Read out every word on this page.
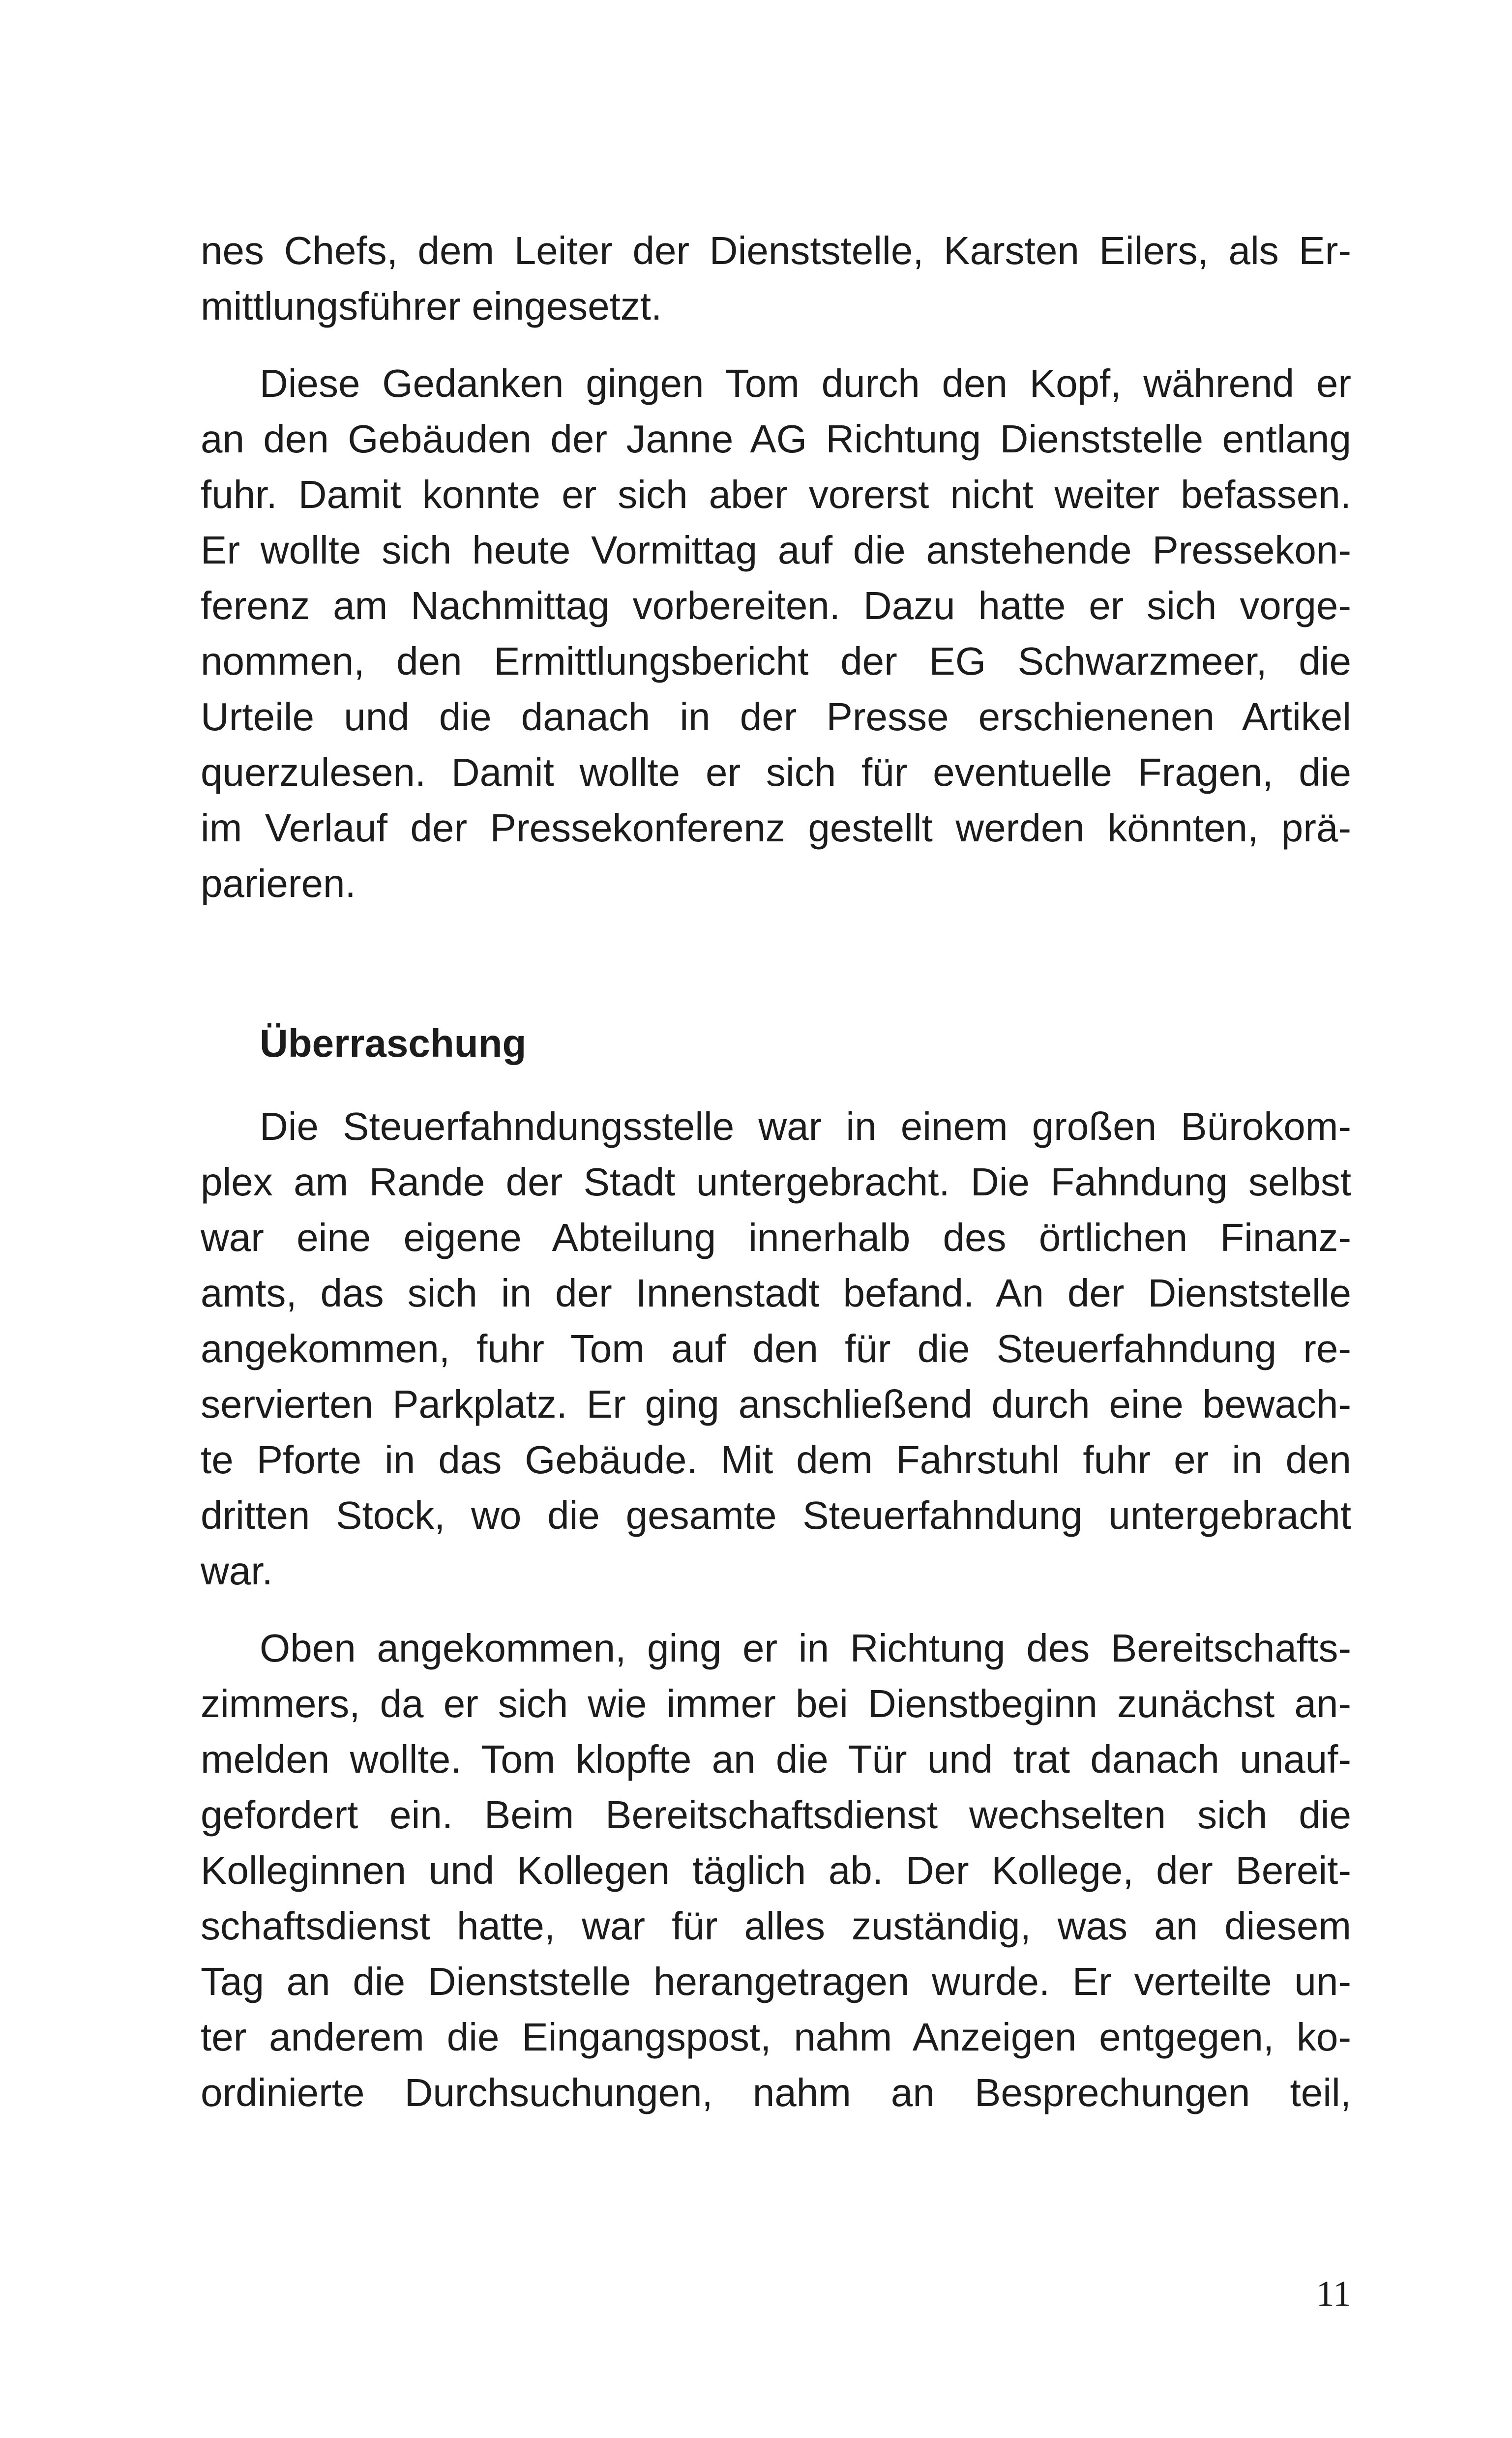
nes Chefs, dem Leiter der Dienststelle, Karsten Eilers, als Er-
mittlungsführer eingesetzt.
Diese Gedanken gingen Tom durch den Kopf, während er
an den Gebäuden der Janne AG Richtung Dienststelle entlang
fuhr. Damit konnte er sich aber vorerst nicht weiter befassen.
Er wollte sich heute Vormittag auf die anstehende Pressekon-
ferenz am Nachmittag vorbereiten. Dazu hatte er sich vorge-
nommen, den Ermittlungsbericht der EG Schwarzmeer, die
Urteile und die danach in der Presse erschienenen Artikel
querzulesen. Damit wollte er sich für eventuelle Fragen, die
im Verlauf der Pressekonferenz gestellt werden könnten, prä-
parieren.
Überraschung
Die Steuerfahndungsstelle war in einem großen Bürokom-
plex am Rande der Stadt untergebracht. Die Fahndung selbst
war eine eigene Abteilung innerhalb des örtlichen Finanz-
amts, das sich in der Innenstadt befand. An der Dienststelle
angekommen, fuhr Tom auf den für die Steuerfahndung re-
servierten Parkplatz. Er ging anschließend durch eine bewach-
te Pforte in das Gebäude. Mit dem Fahrstuhl fuhr er in den
dritten Stock, wo die gesamte Steuerfahndung untergebracht
war.
Oben angekommen, ging er in Richtung des Bereitschafts-
zimmers, da er sich wie immer bei Dienstbeginn zunächst an-
melden wollte. Tom klopfte an die Tür und trat danach unauf-
gefordert ein. Beim Bereitschaftsdienst wechselten sich die
Kolleginnen und Kollegen täglich ab. Der Kollege, der Bereit-
schaftsdienst hatte, war für alles zuständig, was an diesem
Tag an die Dienststelle herangetragen wurde. Er verteilte un-
ter anderem die Eingangspost, nahm Anzeigen entgegen, ko-
ordinierte Durchsuchungen, nahm an Besprechungen teil,
11
